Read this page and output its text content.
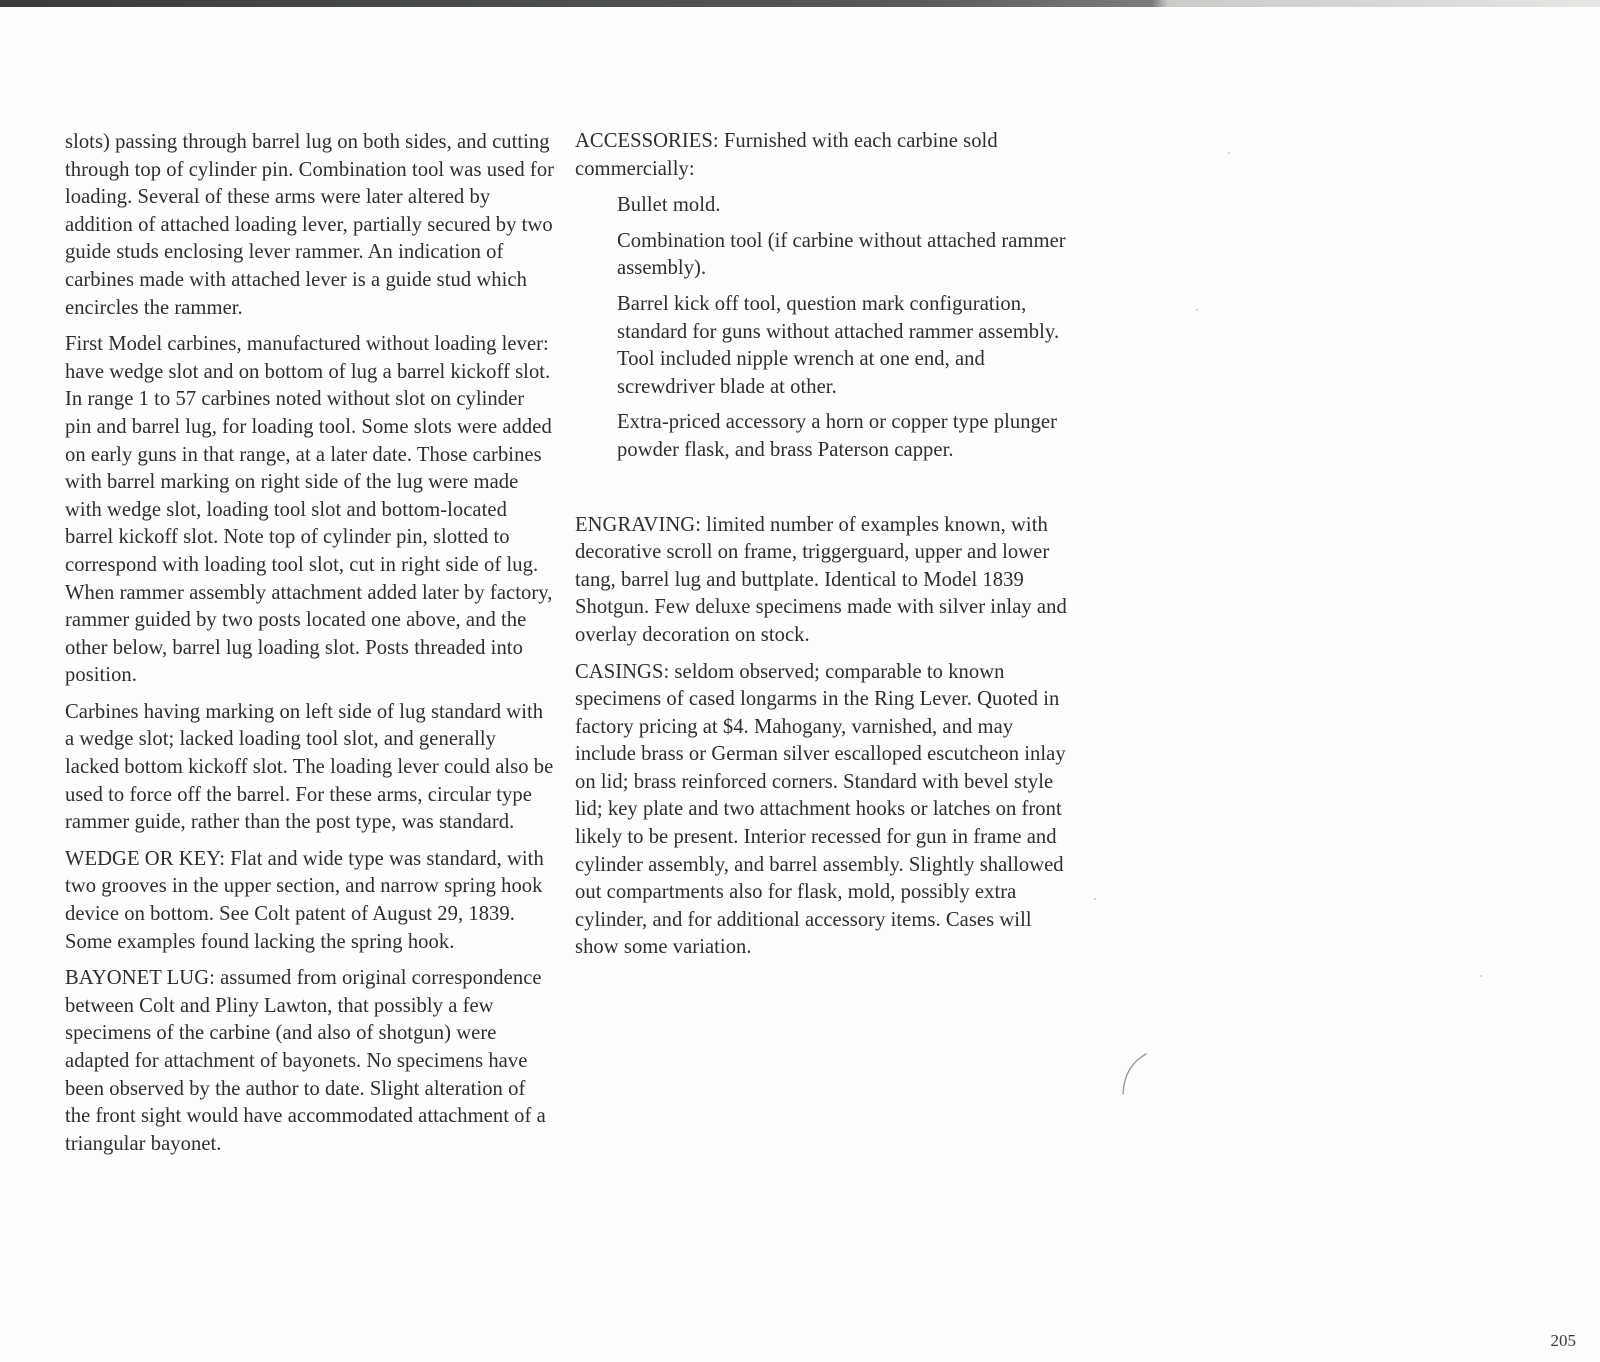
slots) passing through barrel lug on both sides, and cutting through top of cylinder pin. Combination tool was used for loading. Several of these arms were later altered by addition of attached loading lever, partially secured by two guide studs enclosing lever rammer. An indication of carbines made with attached lever is a guide stud which encircles the rammer.

First Model carbines, manufactured without loading lever: have wedge slot and on bottom of lug a barrel kickoff slot. In range 1 to 57 carbines noted without slot on cylinder pin and barrel lug, for loading tool. Some slots were added on early guns in that range, at a later date. Those carbines with barrel marking on right side of the lug were made with wedge slot, loading tool slot and bottom-located barrel kickoff slot. Note top of cylinder pin, slotted to correspond with loading tool slot, cut in right side of lug. When rammer assembly attachment added later by factory, rammer guided by two posts located one above, and the other below, barrel lug loading slot. Posts threaded into position.

Carbines having marking on left side of lug standard with a wedge slot; lacked loading tool slot, and generally lacked bottom kickoff slot. The loading lever could also be used to force off the barrel. For these arms, circular type rammer guide, rather than the post type, was standard.

WEDGE OR KEY: Flat and wide type was standard, with two grooves in the upper section, and narrow spring hook device on bottom. See Colt patent of August 29, 1839. Some examples found lacking the spring hook.

BAYONET LUG: assumed from original correspondence between Colt and Pliny Lawton, that possibly a few specimens of the carbine (and also of shotgun) were adapted for attachment of bayonets. No specimens have been observed by the author to date. Slight alteration of the front sight would have accommodated attachment of a triangular bayonet.

ACCESSORIES: Furnished with each carbine sold commercially:

Bullet mold.

Combination tool (if carbine without attached rammer assembly).

Barrel kick off tool, question mark configuration, standard for guns without attached rammer assembly. Tool included nipple wrench at one end, and screwdriver blade at other.

Extra-priced accessory a horn or copper type plunger powder flask, and brass Paterson capper.

ENGRAVING: limited number of examples known, with decorative scroll on frame, triggerguard, upper and lower tang, barrel lug and buttplate. Identical to Model 1839 Shotgun. Few deluxe specimens made with silver inlay and overlay decoration on stock.

CASINGS: seldom observed; comparable to known specimens of cased longarms in the Ring Lever. Quoted in factory pricing at $4. Mahogany, varnished, and may include brass or German silver escalloped escutcheon inlay on lid; brass reinforced corners. Standard with bevel style lid; key plate and two attachment hooks or latches on front likely to be present. Interior recessed for gun in frame and cylinder assembly, and barrel assembly. Slightly shallowed out compartments also for flask, mold, possibly extra cylinder, and for additional accessory items. Cases will show some variation.

205
